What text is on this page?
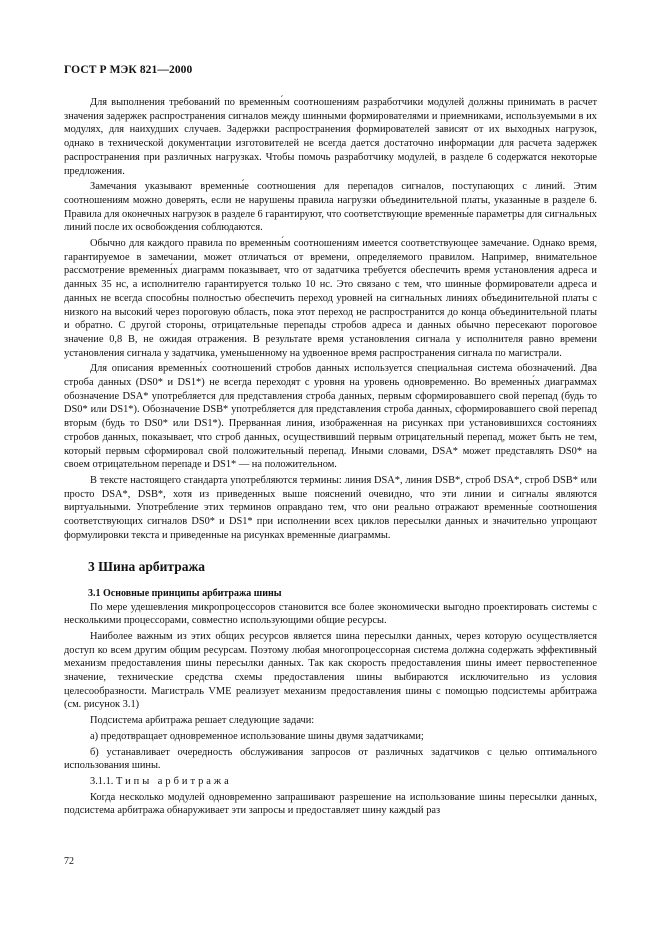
ГОСТ Р МЭК 821—2000

Для выполнения требований по временны́м соотношениям разработчики модулей должны принимать в расчет значения задержек распространения сигналов между шинными формирователями и приемниками, используемыми в их модулях, для наихудших случаев. Задержки распространения формирователей зависят от их выходных нагрузок, однако в технической документации изготовителей не всегда дается достаточно информации для расчета задержек распространения при различных нагрузках. Чтобы помочь разработчику модулей, в разделе 6 содержатся некоторые предложения.

Замечания указывают временны́е соотношения для перепадов сигналов, поступающих с линий. Этим соотношениям можно доверять, если не нарушены правила нагрузки объединительной платы, указанные в разделе 6. Правила для оконечных нагрузок в разделе 6 гарантируют, что соответствующие временны́е параметры для сигнальных линий после их освобождения соблюдаются.

Обычно для каждого правила по временны́м соотношениям имеется соответствующее замечание. Однако время, гарантируемое в замечании, может отличаться от времени, определяемого правилом. Например, внимательное рассмотрение временны́х диаграмм показывает, что от задатчика требуется обеспечить время установления адреса и данных 35 нс, а исполнителю гарантируется только 10 нс. Это связано с тем, что шинные формирователи адреса и данных не всегда способны полностью обеспечить переход уровней на сигнальных линиях объединительной платы с низкого на высокий через пороговую область, пока этот переход не распространится до конца объединительной платы и обратно. С другой стороны, отрицательные перепады стробов адреса и данных обычно пересекают пороговое значение 0,8 В, не ожидая отражения. В результате время установления сигнала у исполнителя равно времени установления сигнала у задатчика, уменьшенному на удвоенное время распространения сигнала по магистрали.

Для описания временны́х соотношений стробов данных используется специальная система обозначений. Два строба данных (DS0* и DS1*) не всегда переходят с уровня на уровень одновременно. Во временны́х диаграммах обозначение DSA* употребляется для представления строба данных, первым сформировавшего свой перепад (будь то DS0* или DS1*). Обозначение DSB* употребляется для представления строба данных, сформировавшего свой перепад вторым (будь то DS0* или DS1*). Прерванная линия, изображенная на рисунках при установившихся состояниях стробов данных, показывает, что строб данных, осуществивший первым отрицательный перепад, может быть не тем, который первым сформировал свой положительный перепад. Иными словами, DSA* может представлять DS0* на своем отрицательном перепаде и DS1* — на положительном.

В тексте настоящего стандарта употребляются термины: линия DSA*, линия DSB*, строб DSA*, строб DSB* или просто DSA*, DSB*, хотя из приведенных выше пояснений очевидно, что эти линии и сигналы являются виртуальными. Употребление этих терминов оправдано тем, что они реально отражают временны́е соотношения соответствующих сигналов DS0* и DS1* при исполнении всех циклов пересылки данных и значительно упрощают формулировки текста и приведенные на рисунках временны́е диаграммы.

3 Шина арбитража
3.1 Основные принципы арбитража шины

По мере удешевления микропроцессоров становится все более экономически выгодно проектировать системы с несколькими процессорами, совместно использующими общие ресурсы.

Наиболее важным из этих общих ресурсов является шина пересылки данных, через которую осуществляется доступ ко всем другим общим ресурсам. Поэтому любая многопроцессорная система должна содержать эффективный механизм предоставления шины пересылки данных. Так как скорость предоставления шины имеет первостепенное значение, технические средства схемы предоставления шины выбираются исключительно из условия целесообразности. Магистраль VME реализует механизм предоставления шины с помощью подсистемы арбитража (см. рисунок 3.1)

Подсистема арбитража решает следующие задачи:

а) предотвращает одновременное использование шины двумя задатчиками;

б) устанавливает очередность обслуживания запросов от различных задатчиков с целью оптимального использования шины.

3.1.1. Типы арбитража

Когда несколько модулей одновременно запрашивают разрешение на использование шины пересылки данных, подсистема арбитража обнаруживает эти запросы и предоставляет шину каждый раз

72
